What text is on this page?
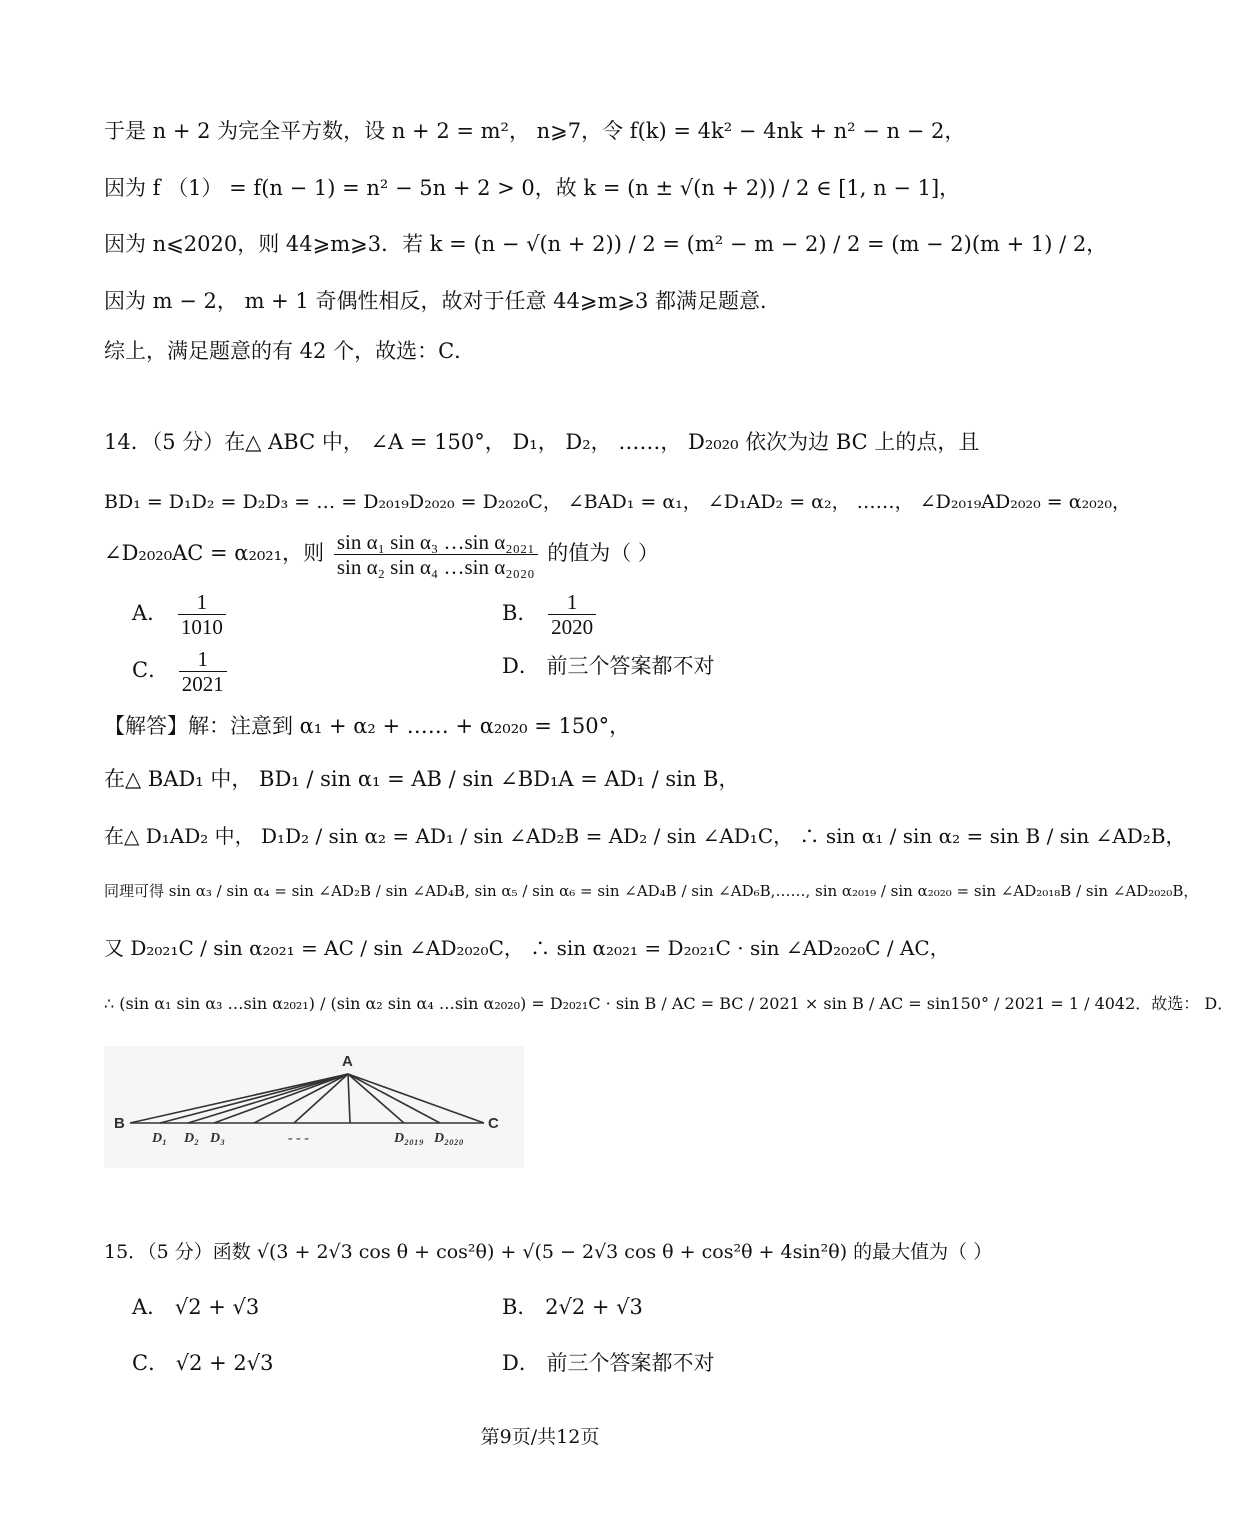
于是 n + 2 为完全平方数，设 n + 2 = m²， n⩾7，令 f(k) = 4k² − 4nk + n² − n − 2，
因为 f （1） = f(n − 1) = n² − 5n + 2 > 0，故 k = (n ± √(n + 2)) / 2 ∈ [1, n − 1]，
因为 n⩽2020，则 44⩾m⩾3．若 k = (n − √(n + 2)) / 2 = (m² − m − 2) / 2 = (m − 2)(m + 1) / 2，
因为 m − 2， m + 1 奇偶性相反，故对于任意 44⩾m⩾3 都满足题意．
综上，满足题意的有 42 个，故选：C．
14．（5 分）在△ ABC 中， ∠A = 150°， D₁， D₂， ……， D₂₀₂₀ 依次为边 BC 上的点，且
BD₁ = D₁D₂ = D₂D₃ = … = D₂₀₁₉D₂₀₂₀ = D₂₀₂₀C， ∠BAD₁ = α₁， ∠D₁AD₂ = α₂， ……， ∠D₂₀₁₉AD₂₀₂₀ = α₂₀₂₀，
∠D₂₀₂₀AC = α₂₀₂₁，则 $\frac{\text{sin α₁ sin α₃ …sin α₂₀₂₁}}{\text{sin α₂ sin α₄ …sin α₂₀₂₀}}$ 的值为（ ）
A． $\frac{1}{1010}$	B． $\frac{1}{2020}$
C． $\frac{1}{2021}$	D． 前三个答案都不对
【解答】解：注意到 α₁ + α₂ + …… + α₂₀₂₀ = 150°，
在△ BAD₁ 中， BD₁ / sin α₁ = AB / sin ∠BD₁A = AD₁ / sin B，
在△ D₁AD₂ 中， D₁D₂ / sin α₂ = AD₁ / sin ∠AD₂B = AD₂ / sin ∠AD₁C， ∴ sin α₁ / sin α₂ = sin B / sin ∠AD₂B，
同理可得 sin α₃ / sin α₄ = sin ∠AD₂B / sin ∠AD₄B, sin α₅ / sin α₆ = sin ∠AD₄B / sin ∠AD₆B,……, sin α₂₀₁₉ / sin α₂₀₂₀ = sin ∠AD₂₀₁₈B / sin ∠AD₂₀₂₀B，
又 D₂₀₂₁C / sin α₂₀₂₁ = AC / sin ∠AD₂₀₂₀C， ∴ sin α₂₀₂₁ = D₂₀₂₁C · sin ∠AD₂₀₂₀C / AC，
∴ (sin α₁ sin α₃ …sin α₂₀₂₁) / (sin α₂ sin α₄ …sin α₂₀₂₀) = D₂₀₂₁C · sin B / AC = BC / 2021 × sin B / AC = sin150° / 2021 = 1 / 4042．故选： D．
A
B	C
D₁ D₂ D₃	- - -	D₂₀₁₉ D₂₀₂₀
15．（5 分）函数 √(3 + 2√3 cos θ + cos²θ) + √(5 − 2√3 cos θ + cos²θ + 4sin²θ) 的最大值为（ ）
A． √2 + √3	B． 2√2 + √3
C． √2 + 2√3	D． 前三个答案都不对
第9页/共12页
